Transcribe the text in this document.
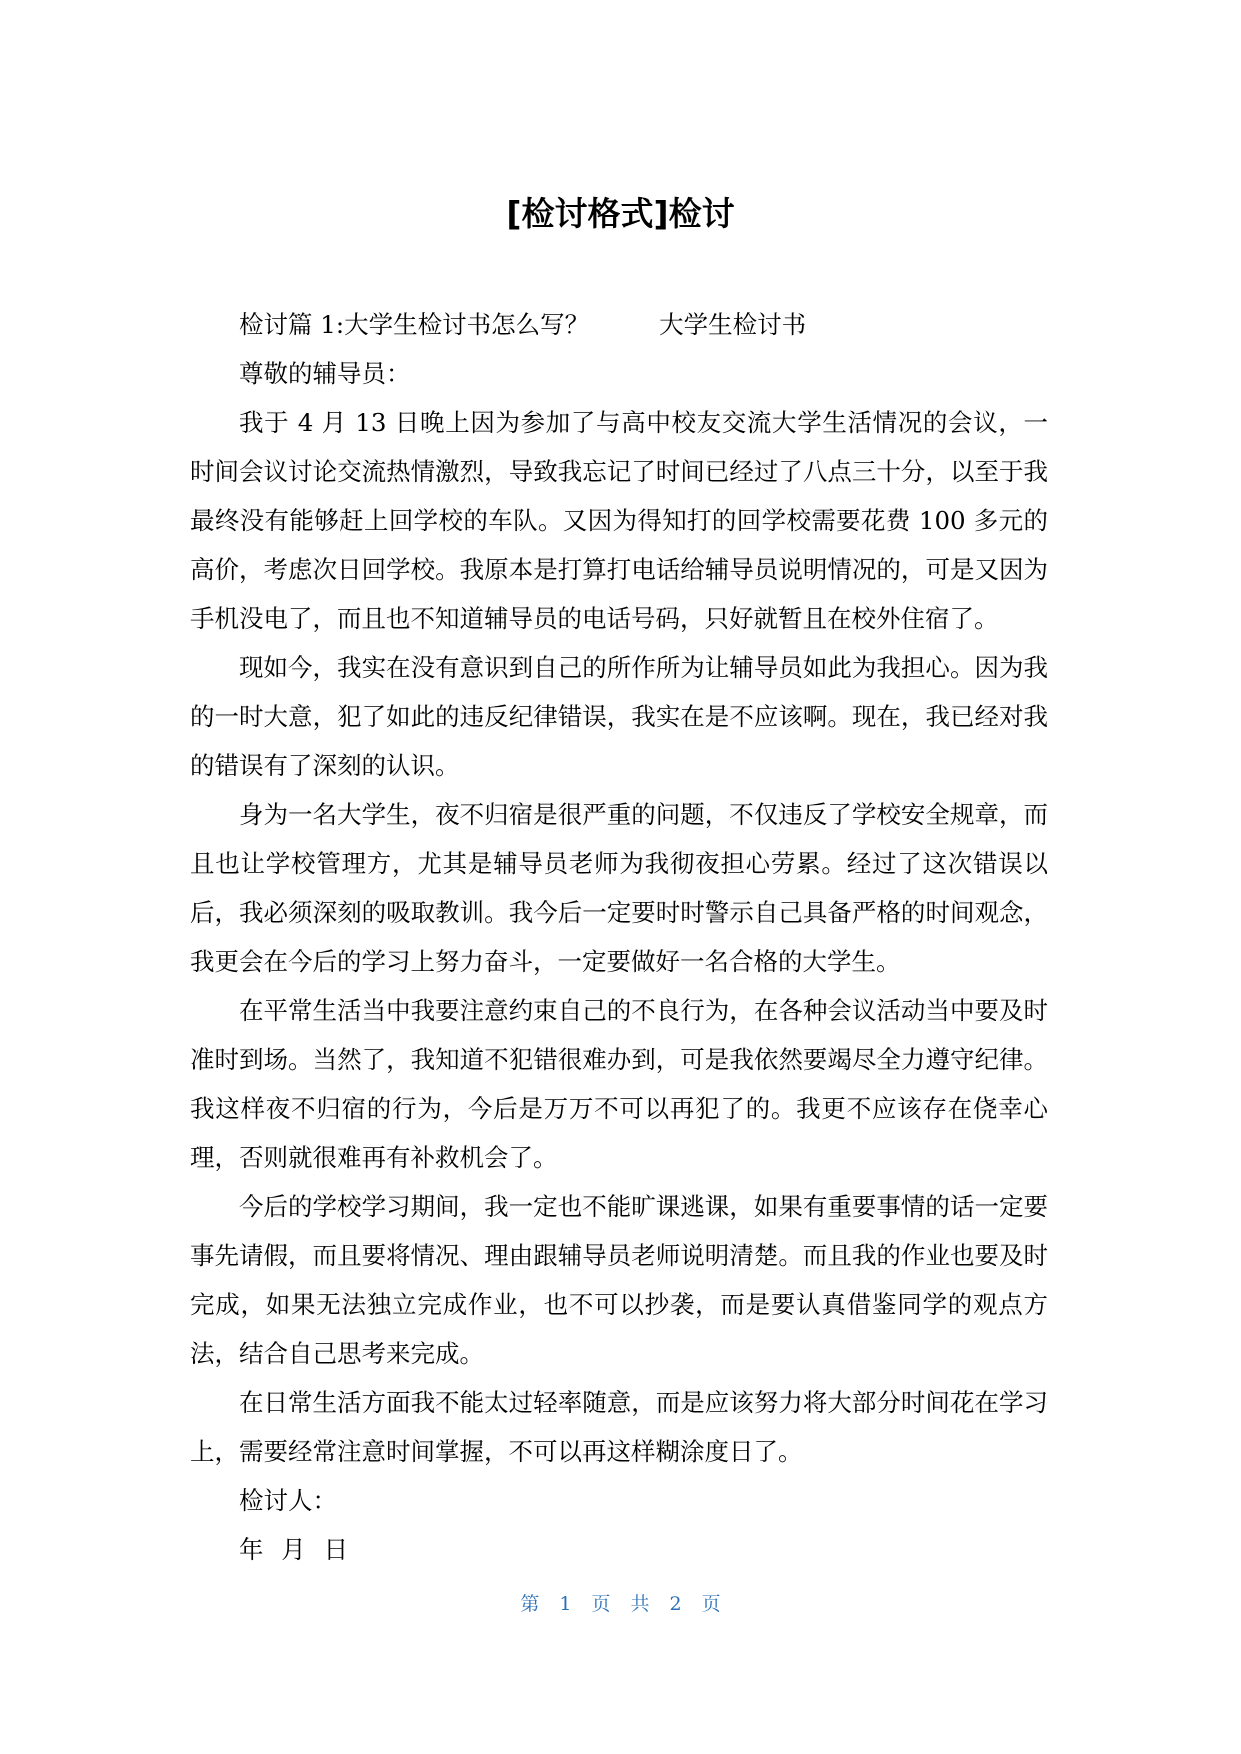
[检讨格式]检讨

检讨篇 1:大学生检讨书怎么写？	大学生检讨书

尊敬的辅导员：

我于 4 月 13 日晚上因为参加了与高中校友交流大学生活情况的会议，一时间会议讨论交流热情激烈，导致我忘记了时间已经过了八点三十分，以至于我最终没有能够赶上回学校的车队。又因为得知打的回学校需要花费 100 多元的高价，考虑次日回学校。我原本是打算打电话给辅导员说明情况的，可是又因为手机没电了，而且也不知道辅导员的电话号码，只好就暂且在校外住宿了。

现如今，我实在没有意识到自己的所作所为让辅导员如此为我担心。因为我的一时大意，犯了如此的违反纪律错误，我实在是不应该啊。现在，我已经对我的错误有了深刻的认识。

身为一名大学生，夜不归宿是很严重的问题，不仅违反了学校安全规章，而且也让学校管理方，尤其是辅导员老师为我彻夜担心劳累。经过了这次错误以后，我必须深刻的吸取教训。我今后一定要时时警示自己具备严格的时间观念，我更会在今后的学习上努力奋斗，一定要做好一名合格的大学生。

在平常生活当中我要注意约束自己的不良行为，在各种会议活动当中要及时准时到场。当然了，我知道不犯错很难办到，可是我依然要竭尽全力遵守纪律。我这样夜不归宿的行为，今后是万万不可以再犯了的。我更不应该存在侥幸心理，否则就很难再有补救机会了。

今后的学校学习期间，我一定也不能旷课逃课，如果有重要事情的话一定要事先请假，而且要将情况、理由跟辅导员老师说明清楚。而且我的作业也要及时完成，如果无法独立完成作业，也不可以抄袭，而是要认真借鉴同学的观点方法，结合自己思考来完成。

在日常生活方面我不能太过轻率随意，而是应该努力将大部分时间花在学习上，需要经常注意时间掌握，不可以再这样糊涂度日了。

检讨人：

年 月 日

第 1 页 共 2 页
